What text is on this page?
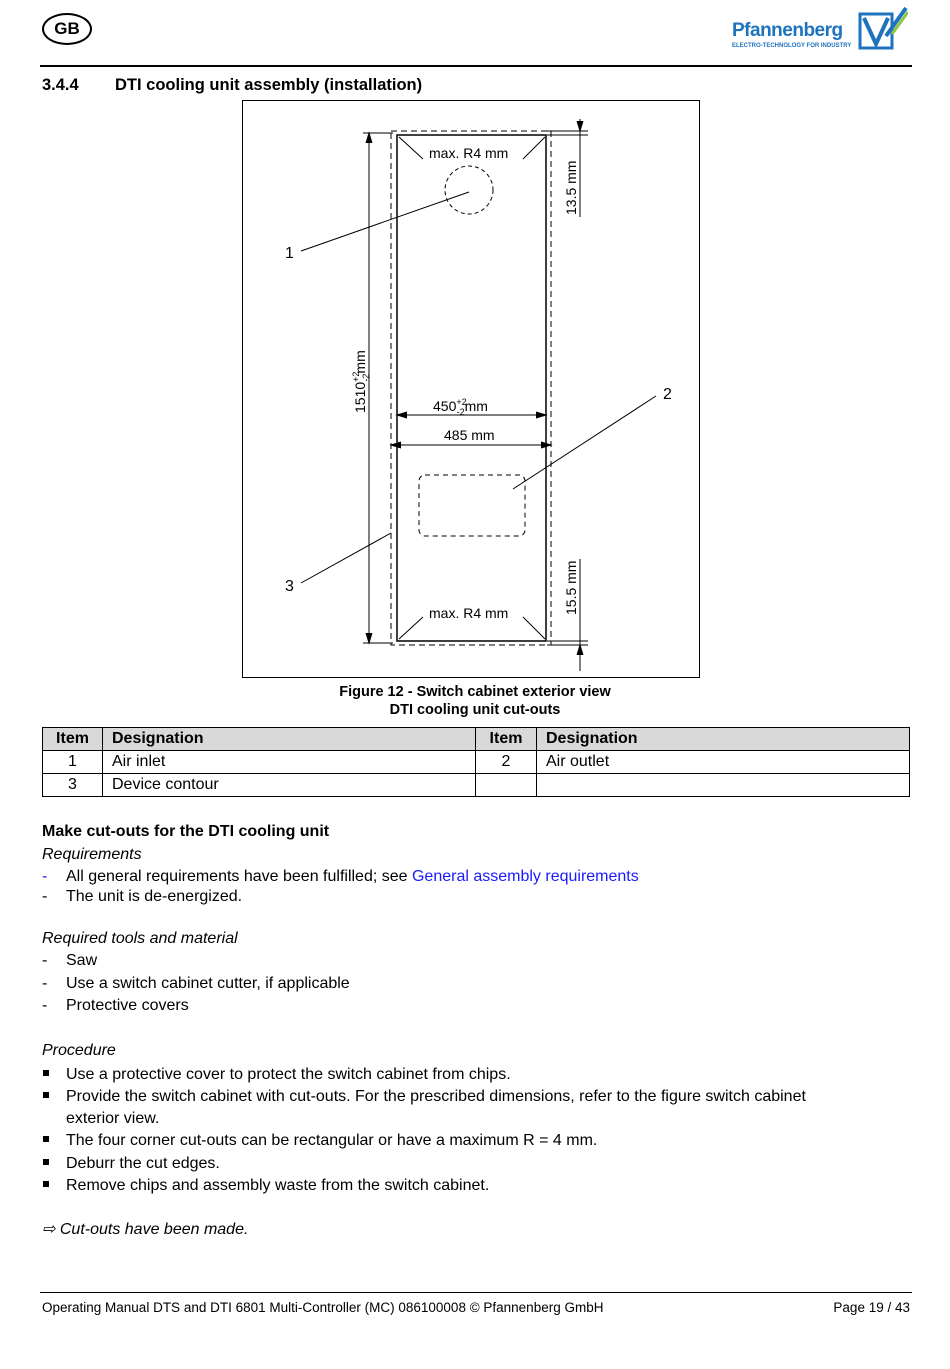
GB	Pfannenberg
ELECTRO-TECHNOLOGY FOR INDUSTRY
3.4.4 DTI cooling unit assembly (installation)
max. R4 mm
max. R4 mm
13.5 mm
15.5 mm
$1510^{+2}-2mm$
$450^{+2}$ -2mm
485 mm
1
2
3
Figure 12 - Switch cabinet exterior view
DTI cooling unit cut-outs
Item	Designation	Item	Designation
1	Air inlet	2	Air outlet
3	Device contour		
Make cut-outs for the DTI cooling unit
Requirements
-	All general requirements have been fulfilled; see General assembly requirements
-	The unit is de-energized.
Required tools and material
-	Saw
-	Use a switch cabinet cutter, if applicable
-	Protective covers
Procedure
Use a protective cover to protect the switch cabinet from chips.
Provide the switch cabinet with cut-outs. For the prescribed dimensions, refer to the figure switch cabinet
exterior view.
The four corner cut-outs can be rectangular or have a maximum R = 4 mm.
Deburr the cut edges.
Remove chips and assembly waste from the switch cabinet.
⇨ Cut-outs have been made.
Operating Manual DTS and DTI 6801 Multi-Controller (MC) 086100008 © Pfannenberg GmbH	Page 19 / 43
